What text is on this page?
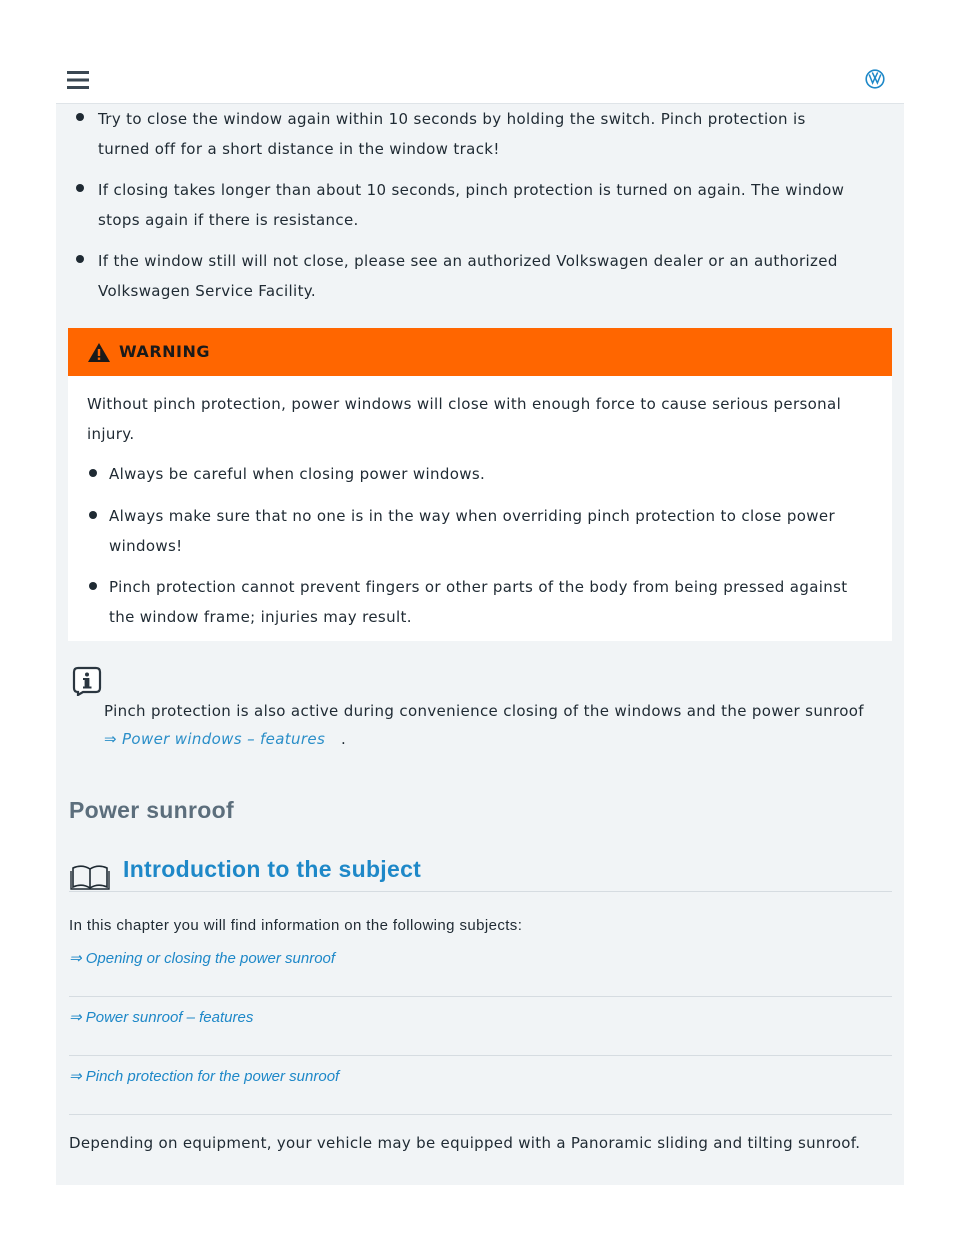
Try to close the window again within 10 seconds by holding the switch. Pinch protection is
turned off for a short distance in the window track!
If closing takes longer than about 10 seconds, pinch protection is turned on again. The window
stops again if there is resistance.
If the window still will not close, please see an authorized Volkswagen dealer or an authorized
Volkswagen Service Facility.
WARNING
Without pinch protection, power windows will close with enough force to cause serious personal
injury.
Always be careful when closing power windows.
Always make sure that no one is in the way when overriding pinch protection to close power
windows!
Pinch protection cannot prevent fingers or other parts of the body from being pressed against
the window frame; injuries may result.
Pinch protection is also active during convenience closing of the windows and the power sunroof
⇒ Power windows – features .
Power sunroof
Introduction to the subject
In this chapter you will find information on the following subjects:
⇒ Opening or closing the power sunroof
⇒ Power sunroof – features
⇒ Pinch protection for the power sunroof
Depending on equipment, your vehicle may be equipped with a Panoramic sliding and tilting sunroof.
